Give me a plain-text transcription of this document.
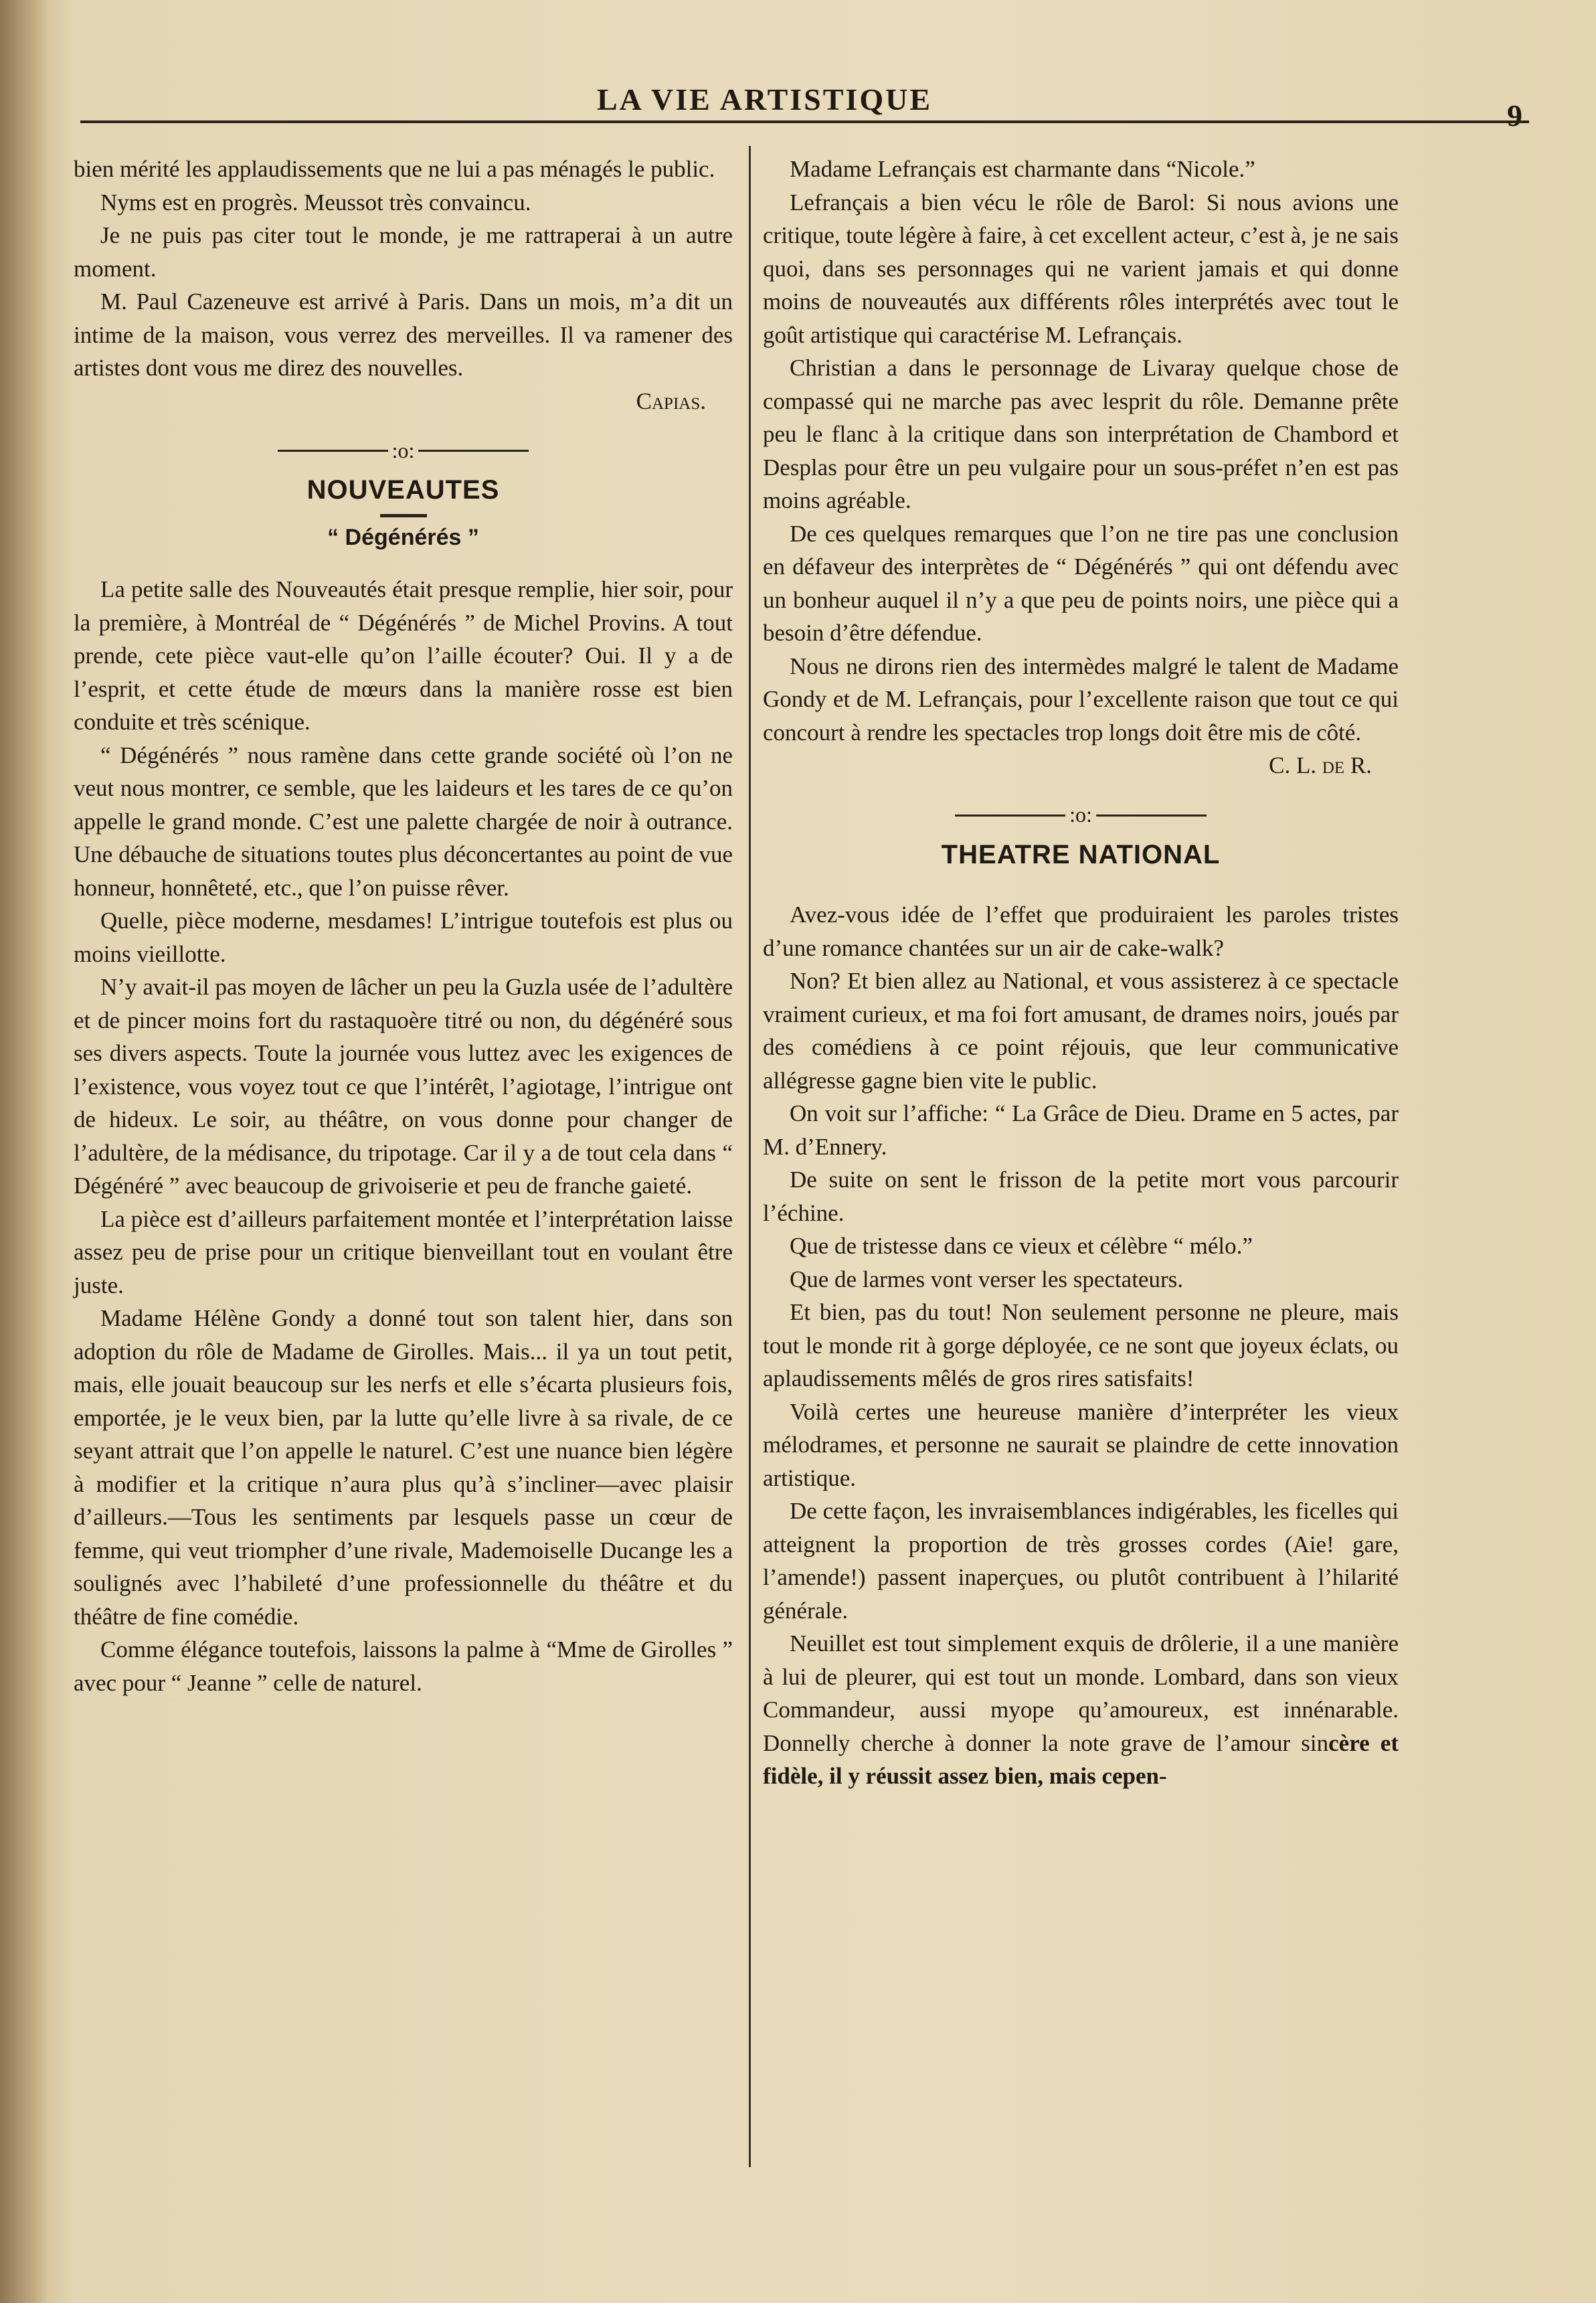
LA VIE ARTISTIQUE	9

bien mérité les applaudissements que ne lui a pas ménagés le public.

Nyms est en progrès. Meussot très convaincu.

Je ne puis pas citer tout le monde, je me rattraperai à un autre moment.

M. Paul Cazeneuve est arrivé à Paris. Dans un mois, m’a dit un intime de la maison, vous verrez des merveilles. Il va ramener des artistes dont vous me direz des nouvelles.

Capias.
:o:
NOUVEAUTES
“ Dégénérés ”

La petite salle des Nouveautés était presque remplie, hier soir, pour la première, à Montréal de “ Dégénérés ” de Michel Provins. A tout prende, cete pièce vaut-elle qu’on l’aille écouter? Oui. Il y a de l’esprit, et cette étude de mœurs dans la manière rosse est bien conduite et très scénique.

“ Dégénérés ” nous ramène dans cette grande société où l’on ne veut nous montrer, ce semble, que les laideurs et les tares de ce qu’on appelle le grand monde. C’est une palette chargée de noir à outrance. Une débauche de situations toutes plus déconcertantes au point de vue honneur, honnêteté, etc., que l’on puisse rêver.

Quelle, pièce moderne, mesdames! L’intrigue toutefois est plus ou moins vieillotte.

N’y avait-il pas moyen de lâcher un peu la Guzla usée de l’adultère et de pincer moins fort du rastaquoère titré ou non, du dégénéré sous ses divers aspects. Toute la journée vous luttez avec les exigences de l’existence, vous voyez tout ce que l’intérêt, l’agiotage, l’intrigue ont de hideux. Le soir, au théâtre, on vous donne pour changer de l’adultère, de la médisance, du tripotage. Car il y a de tout cela dans “ Dégénéré ” avec beaucoup de grivoiserie et peu de franche gaieté.

La pièce est d’ailleurs parfaitement montée et l’interprétation laisse assez peu de prise pour un critique bienveillant tout en voulant être juste.

Madame Hélène Gondy a donné tout son talent hier, dans son adoption du rôle de Madame de Girolles. Mais... il ya un tout petit, mais, elle jouait beaucoup sur les nerfs et elle s’écarta plusieurs fois, emportée, je le veux bien, par la lutte qu’elle livre à sa rivale, de ce seyant attrait que l’on appelle le naturel. C’est une nuance bien légère à modifier et la critique n’aura plus qu’à s’incliner—avec plaisir d’ailleurs.—Tous les sentiments par lesquels passe un cœur de femme, qui veut triompher d’une rivale, Mademoiselle Ducange les a soulignés avec l’habileté d’une professionnelle du théâtre et du théâtre de fine comédie.

Comme élégance toutefois, laissons la palme à “Mme de Girolles ” avec pour “ Jeanne ” celle de naturel.

Madame Lefrançais est charmante dans “Nicole.”

Lefrançais a bien vécu le rôle de Barol: Si nous avions une critique, toute légère à faire, à cet excellent acteur, c’est à, je ne sais quoi, dans ses personnages qui ne varient jamais et qui donne moins de nouveautés aux différents rôles interprétés avec tout le goût artistique qui caractérise M. Lefrançais.

Christian a dans le personnage de Livaray quelque chose de compassé qui ne marche pas avec lesprit du rôle. Demanne prête peu le flanc à la critique dans son interprétation de Chambord et Desplas pour être un peu vulgaire pour un sous-préfet n’en est pas moins agréable.

De ces quelques remarques que l’on ne tire pas une conclusion en défaveur des interprètes de “ Dégénérés ” qui ont défendu avec un bonheur auquel il n’y a que peu de points noirs, une pièce qui a besoin d’être défendue.

Nous ne dirons rien des intermèdes malgré le talent de Madame Gondy et de M. Lefrançais, pour l’excellente raison que tout ce qui concourt à rendre les spectacles trop longs doit être mis de côté.

C. L. de R.
:o:
THEATRE NATIONAL

Avez-vous idée de l’effet que produiraient les paroles tristes d’une romance chantées sur un air de cake-walk?

Non? Et bien allez au National, et vous assisterez à ce spectacle vraiment curieux, et ma foi fort amusant, de drames noirs, joués par des comédiens à ce point réjouis, que leur communicative allégresse gagne bien vite le public.

On voit sur l’affiche: “ La Grâce de Dieu. Drame en 5 actes, par M. d’Ennery.

De suite on sent le frisson de la petite mort vous parcourir l’échine.

Que de tristesse dans ce vieux et célèbre “ mélo.”

Que de larmes vont verser les spectateurs.

Et bien, pas du tout! Non seulement personne ne pleure, mais tout le monde rit à gorge déployée, ce ne sont que joyeux éclats, ou aplaudissements mêlés de gros rires satisfaits!

Voilà certes une heureuse manière d’interpréter les vieux mélodrames, et personne ne saurait se plaindre de cette innovation artistique.

De cette façon, les invraisemblances indigérables, les ficelles qui atteignent la proportion de très grosses cordes (Aie! gare, l’amende!) passent inaperçues, ou plutôt contribuent à l’hilarité générale.

Neuillet est tout simplement exquis de drôlerie, il a une manière à lui de pleurer, qui est tout un monde. Lombard, dans son vieux Commandeur, aussi myope qu’amoureux, est innénarable. Donnelly cherche à donner la note grave de l’amour sincère et fidèle, il y réussit assez bien, mais cepen-
